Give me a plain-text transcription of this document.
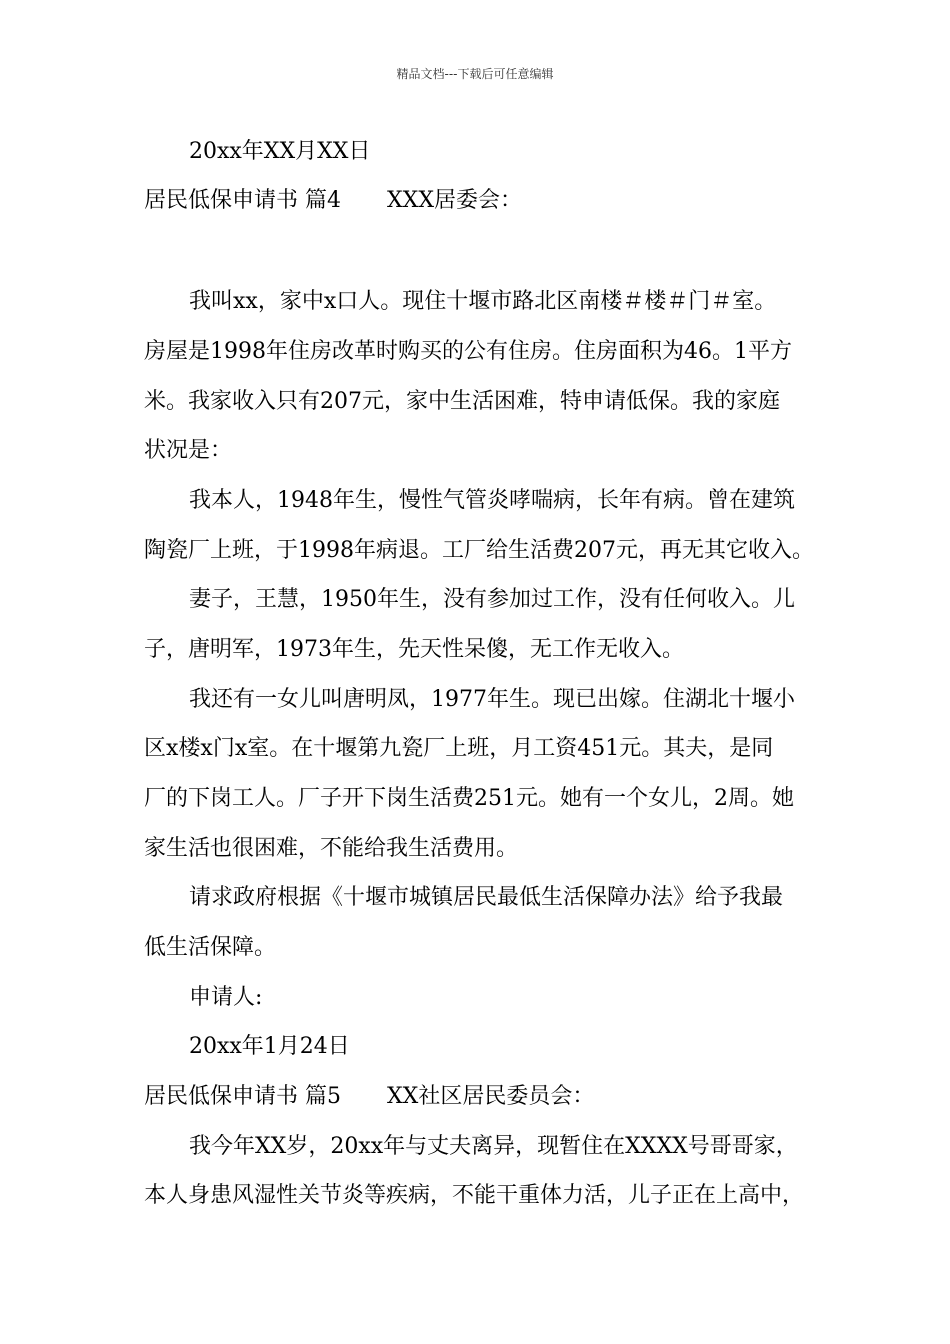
精品文档---下载后可任意编辑
20xx年XX月XX日
居民低保申请书 篇4 XXX居委会：
我叫xx，家中x口人。现住十堰市路北区南楼＃楼＃门＃室。
房屋是1998年住房改革时购买的公有住房。住房面积为46。1平方
米。我家收入只有207元，家中生活困难，特申请低保。我的家庭
状况是：
我本人，1948年生，慢性气管炎哮喘病，长年有病。曾在建筑
陶瓷厂上班，于1998年病退。工厂给生活费207元，再无其它收入。
妻子，王慧，1950年生，没有参加过工作，没有任何收入。儿
子，唐明军，1973年生，先天性呆傻，无工作无收入。
我还有一女儿叫唐明凤，1977年生。现已出嫁。住湖北十堰小
区x楼x门x室。在十堰第九瓷厂上班，月工资451元。其夫，是同
厂的下岗工人。厂子开下岗生活费251元。她有一个女儿，2周。她
家生活也很困难，不能给我生活费用。
请求政府根据《十堰市城镇居民最低生活保障办法》给予我最
低生活保障。
申请人:
20xx年1月24日
居民低保申请书 篇5 XX社区居民委员会：
我今年XX岁，20xx年与丈夫离异，现暂住在XXXX号哥哥家，
本人身患风湿性关节炎等疾病，不能干重体力活，儿子正在上高中，
